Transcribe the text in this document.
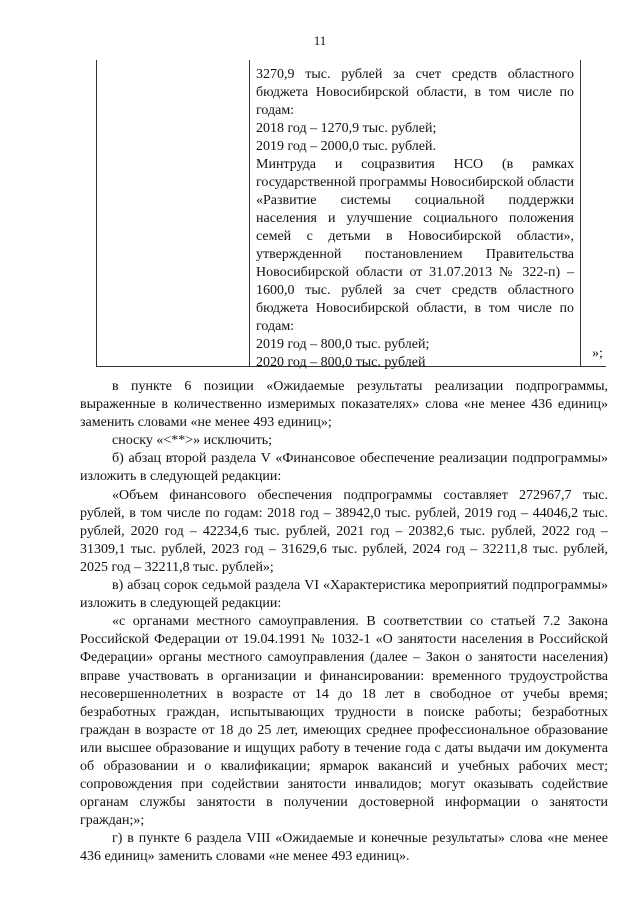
11
3270,9 тыс. рублей за счет средств областного бюджета Новосибирской области, в том числе по годам:
2018 год – 1270,9 тыс. рублей;
2019 год – 2000,0 тыс. рублей.
Минтруда и соцразвития НСО (в рамках государственной программы Новосибирской области «Развитие системы социальной поддержки населения и улучшение социального положения семей с детьми в Новосибирской области», утвержденной постановлением Правительства Новосибирской области от 31.07.2013 № 322-п) – 1600,0 тыс. рублей за счет средств областного бюджета Новосибирской области, в том числе по годам:
2019 год – 800,0 тыс. рублей;
2020 год – 800,0 тыс. рублей
»;

в пункте 6 позиции «Ожидаемые результаты реализации подпрограммы, выраженные в количественно измеримых показателях» слова «не менее 436 единиц» заменить словами «не менее 493 единиц»;

сноску «<**>» исключить;

б) абзац второй раздела V «Финансовое обеспечение реализации подпрограммы» изложить в следующей редакции:

«Объем финансового обеспечения подпрограммы составляет 272967,7 тыс. рублей, в том числе по годам: 2018 год – 38942,0 тыс. рублей, 2019 год – 44046,2 тыс. рублей, 2020 год – 42234,6 тыс. рублей, 2021 год – 20382,6 тыс. рублей, 2022 год – 31309,1 тыс. рублей, 2023 год – 31629,6 тыс. рублей, 2024 год – 32211,8 тыс. рублей, 2025 год – 32211,8 тыс. рублей»;

в) абзац сорок седьмой раздела VI «Характеристика мероприятий подпрограммы» изложить в следующей редакции:

«с органами местного самоуправления. В соответствии со статьей 7.2 Закона Российской Федерации от 19.04.1991 № 1032-1 «О занятости населения в Российской Федерации» органы местного самоуправления (далее – Закон о занятости населения) вправе участвовать в организации и финансировании: временного трудоустройства несовершеннолетних в возрасте от 14 до 18 лет в свободное от учебы время; безработных граждан, испытывающих трудности в поиске работы; безработных граждан в возрасте от 18 до 25 лет, имеющих среднее профессиональное образование или высшее образование и ищущих работу в течение года с даты выдачи им документа об образовании и о квалификации; ярмарок вакансий и учебных рабочих мест; сопровождения при содействии занятости инвалидов; могут оказывать содействие органам службы занятости в получении достоверной информации о занятости граждан;»;

г) в пункте 6 раздела VIII «Ожидаемые и конечные результаты» слова «не менее 436 единиц» заменить словами «не менее 493 единиц».
